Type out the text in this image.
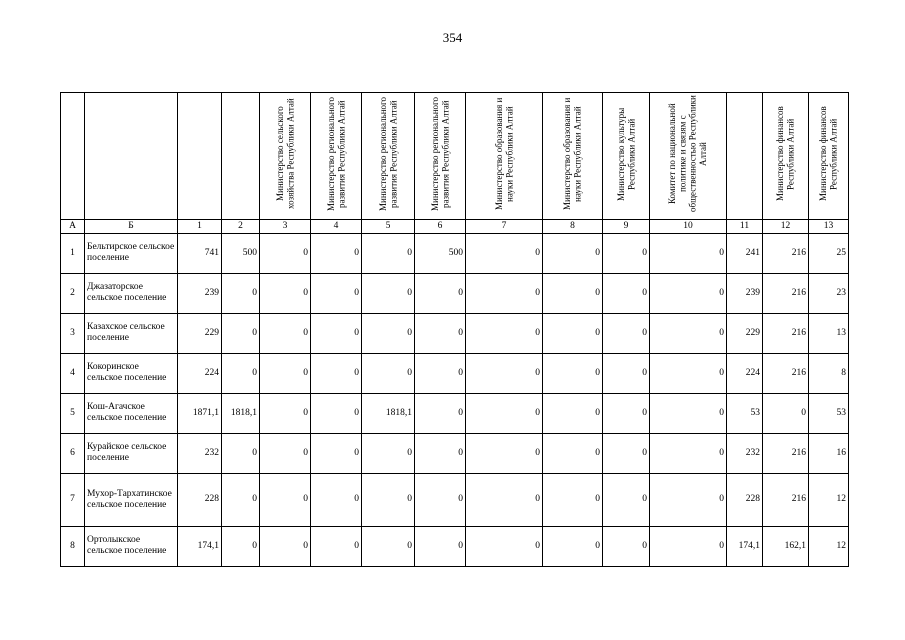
354
				Министерство сельского хозяйства Республики Алтай	Министерство регионального развития Республики Алтай	Министерство регионального развития Республики Алтай	Министерство регионального развития Республики Алтай	Министерство образования и науки Республики Алтай	Министерство образования и науки Республики Алтай	Министерство культуры Республики Алтай	Комитет по национальной политике и связям с общественностью Республики Алтай		Министерство финансов Республики Алтай	Министерство финансов Республики Алтай
А	Б	1	2	3	4	5	6	7	8	9	10	11	12	13
1	Бельтирское сельское поселение	741	500	0	0	0	500	0	0	0	0	241	216	25
2	Джазаторское сельское поселение	239	0	0	0	0	0	0	0	0	0	239	216	23
3	Казахское сельское поселение	229	0	0	0	0	0	0	0	0	0	229	216	13
4	Кокоринское сельское поселение	224	0	0	0	0	0	0	0	0	0	224	216	8
5	Кош-Агачское сельское поселение	1871,1	1818,1	0	0	1818,1	0	0	0	0	0	53	0	53
6	Курайское сельское поселение	232	0	0	0	0	0	0	0	0	0	232	216	16
7	Мухор-Тархатинское сельское поселение	228	0	0	0	0	0	0	0	0	0	228	216	12
8	Ортолыкское сельское поселение	174,1	0	0	0	0	0	0	0	0	0	174,1	162,1	12
